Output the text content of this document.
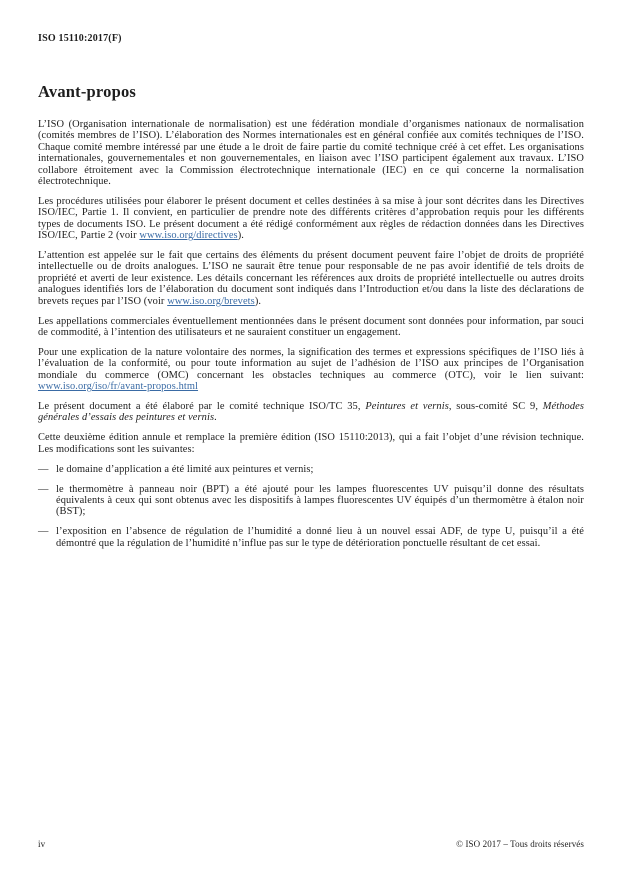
ISO 15110:2017(F)
Avant-propos

L’ISO (Organisation internationale de normalisation) est une fédération mondiale d’organismes nationaux de normalisation (comités membres de l’ISO). L’élaboration des Normes internationales est en général confiée aux comités techniques de l’ISO. Chaque comité membre intéressé par une étude a le droit de faire partie du comité technique créé à cet effet. Les organisations internationales, gouvernementales et non gouvernementales, en liaison avec l’ISO participent également aux travaux. L’ISO collabore étroitement avec la Commission électrotechnique internationale (IEC) en ce qui concerne la normalisation électrotechnique.

Les procédures utilisées pour élaborer le présent document et celles destinées à sa mise à jour sont décrites dans les Directives ISO/IEC, Partie 1. Il convient, en particulier de prendre note des différents critères d’approbation requis pour les différents types de documents ISO. Le présent document a été rédigé conformément aux règles de rédaction données dans les Directives ISO/IEC, Partie 2 (voir www.iso.org/directives).

L’attention est appelée sur le fait que certains des éléments du présent document peuvent faire l’objet de droits de propriété intellectuelle ou de droits analogues. L’ISO ne saurait être tenue pour responsable de ne pas avoir identifié de tels droits de propriété et averti de leur existence. Les détails concernant les références aux droits de propriété intellectuelle ou autres droits analogues identifiés lors de l’élaboration du document sont indiqués dans l’Introduction et/ou dans la liste des déclarations de brevets reçues par l’ISO (voir www.iso.org/brevets).

Les appellations commerciales éventuellement mentionnées dans le présent document sont données pour information, par souci de commodité, à l’intention des utilisateurs et ne sauraient constituer un engagement.

Pour une explication de la nature volontaire des normes, la signification des termes et expressions spécifiques de l’ISO liés à l’évaluation de la conformité, ou pour toute information au sujet de l’adhésion de l’ISO aux principes de l’Organisation mondiale du commerce (OMC) concernant les obstacles techniques au commerce (OTC), voir le lien suivant: www.iso.org/iso/fr/avant-propos.html

Le présent document a été élaboré par le comité technique ISO/TC 35, Peintures et vernis, sous-comité SC 9, Méthodes générales d’essais des peintures et vernis.

Cette deuxième édition annule et remplace la première édition (ISO 15110:2013), qui a fait l’objet d’une révision technique. Les modifications sont les suivantes:

— le domaine d’application a été limité aux peintures et vernis;
— le thermomètre à panneau noir (BPT) a été ajouté pour les lampes fluorescentes UV puisqu’il donne des résultats équivalents à ceux qui sont obtenus avec les dispositifs à lampes fluorescentes UV équipés d’un thermomètre à étalon noir (BST);
— l’exposition en l’absence de régulation de l’humidité a donné lieu à un nouvel essai ADF, de type U, puisqu’il a été démontré que la régulation de l’humidité n’influe pas sur le type de détérioration ponctuelle résultant de cet essai.
iv	© ISO 2017 – Tous droits réservés
